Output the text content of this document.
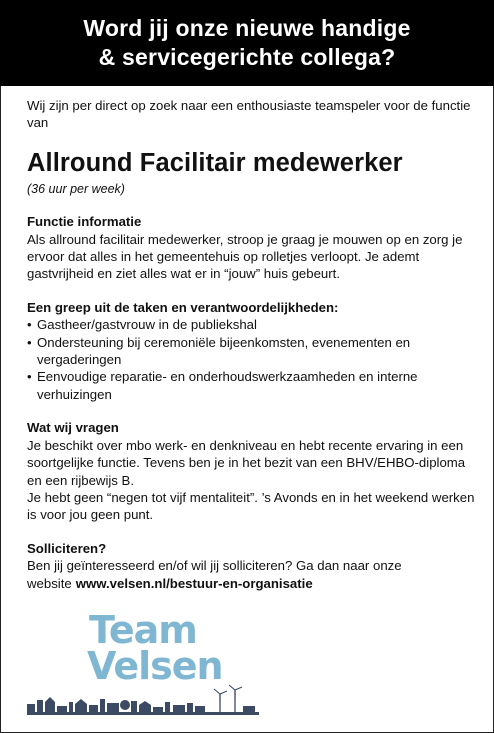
Word jij onze nieuwe handige
& servicegerichte collega?

Wij zijn per direct op zoek naar een enthousiaste teamspeler voor de functie van

Allround Facilitair medewerker

(36 uur per week)

Functie informatie

Als allround facilitair medewerker, stroop je graag je mouwen op en zorg je ervoor dat alles in het gemeentehuis op rolletjes verloopt. Je ademt gastvrijheid en ziet alles wat er in “jouw” huis gebeurt.

Een greep uit de taken en verantwoordelijkheden:
• Gastheer/gastvrouw in de publiekshal
• Ondersteuning bij ceremoniële bijeenkomsten, evenementen en vergaderingen
• Eenvoudige reparatie- en onderhoudswerkzaamheden en interne verhuizingen
Wat wij vragen

Je beschikt over mbo werk- en denkniveau en hebt recente ervaring in een soortgelijke functie. Tevens ben je in het bezit van een BHV/EHBO-diploma en een rijbewijs B.

Je hebt geen “negen tot vijf mentaliteit”. ’s Avonds en in het weekend werken is voor jou geen punt.

Solliciteren?

Ben jij geïnteresseerd en/of wil jij solliciteren? Ga dan naar onze website www.velsen.nl/bestuur-en-organisatie

Team
Velsen
